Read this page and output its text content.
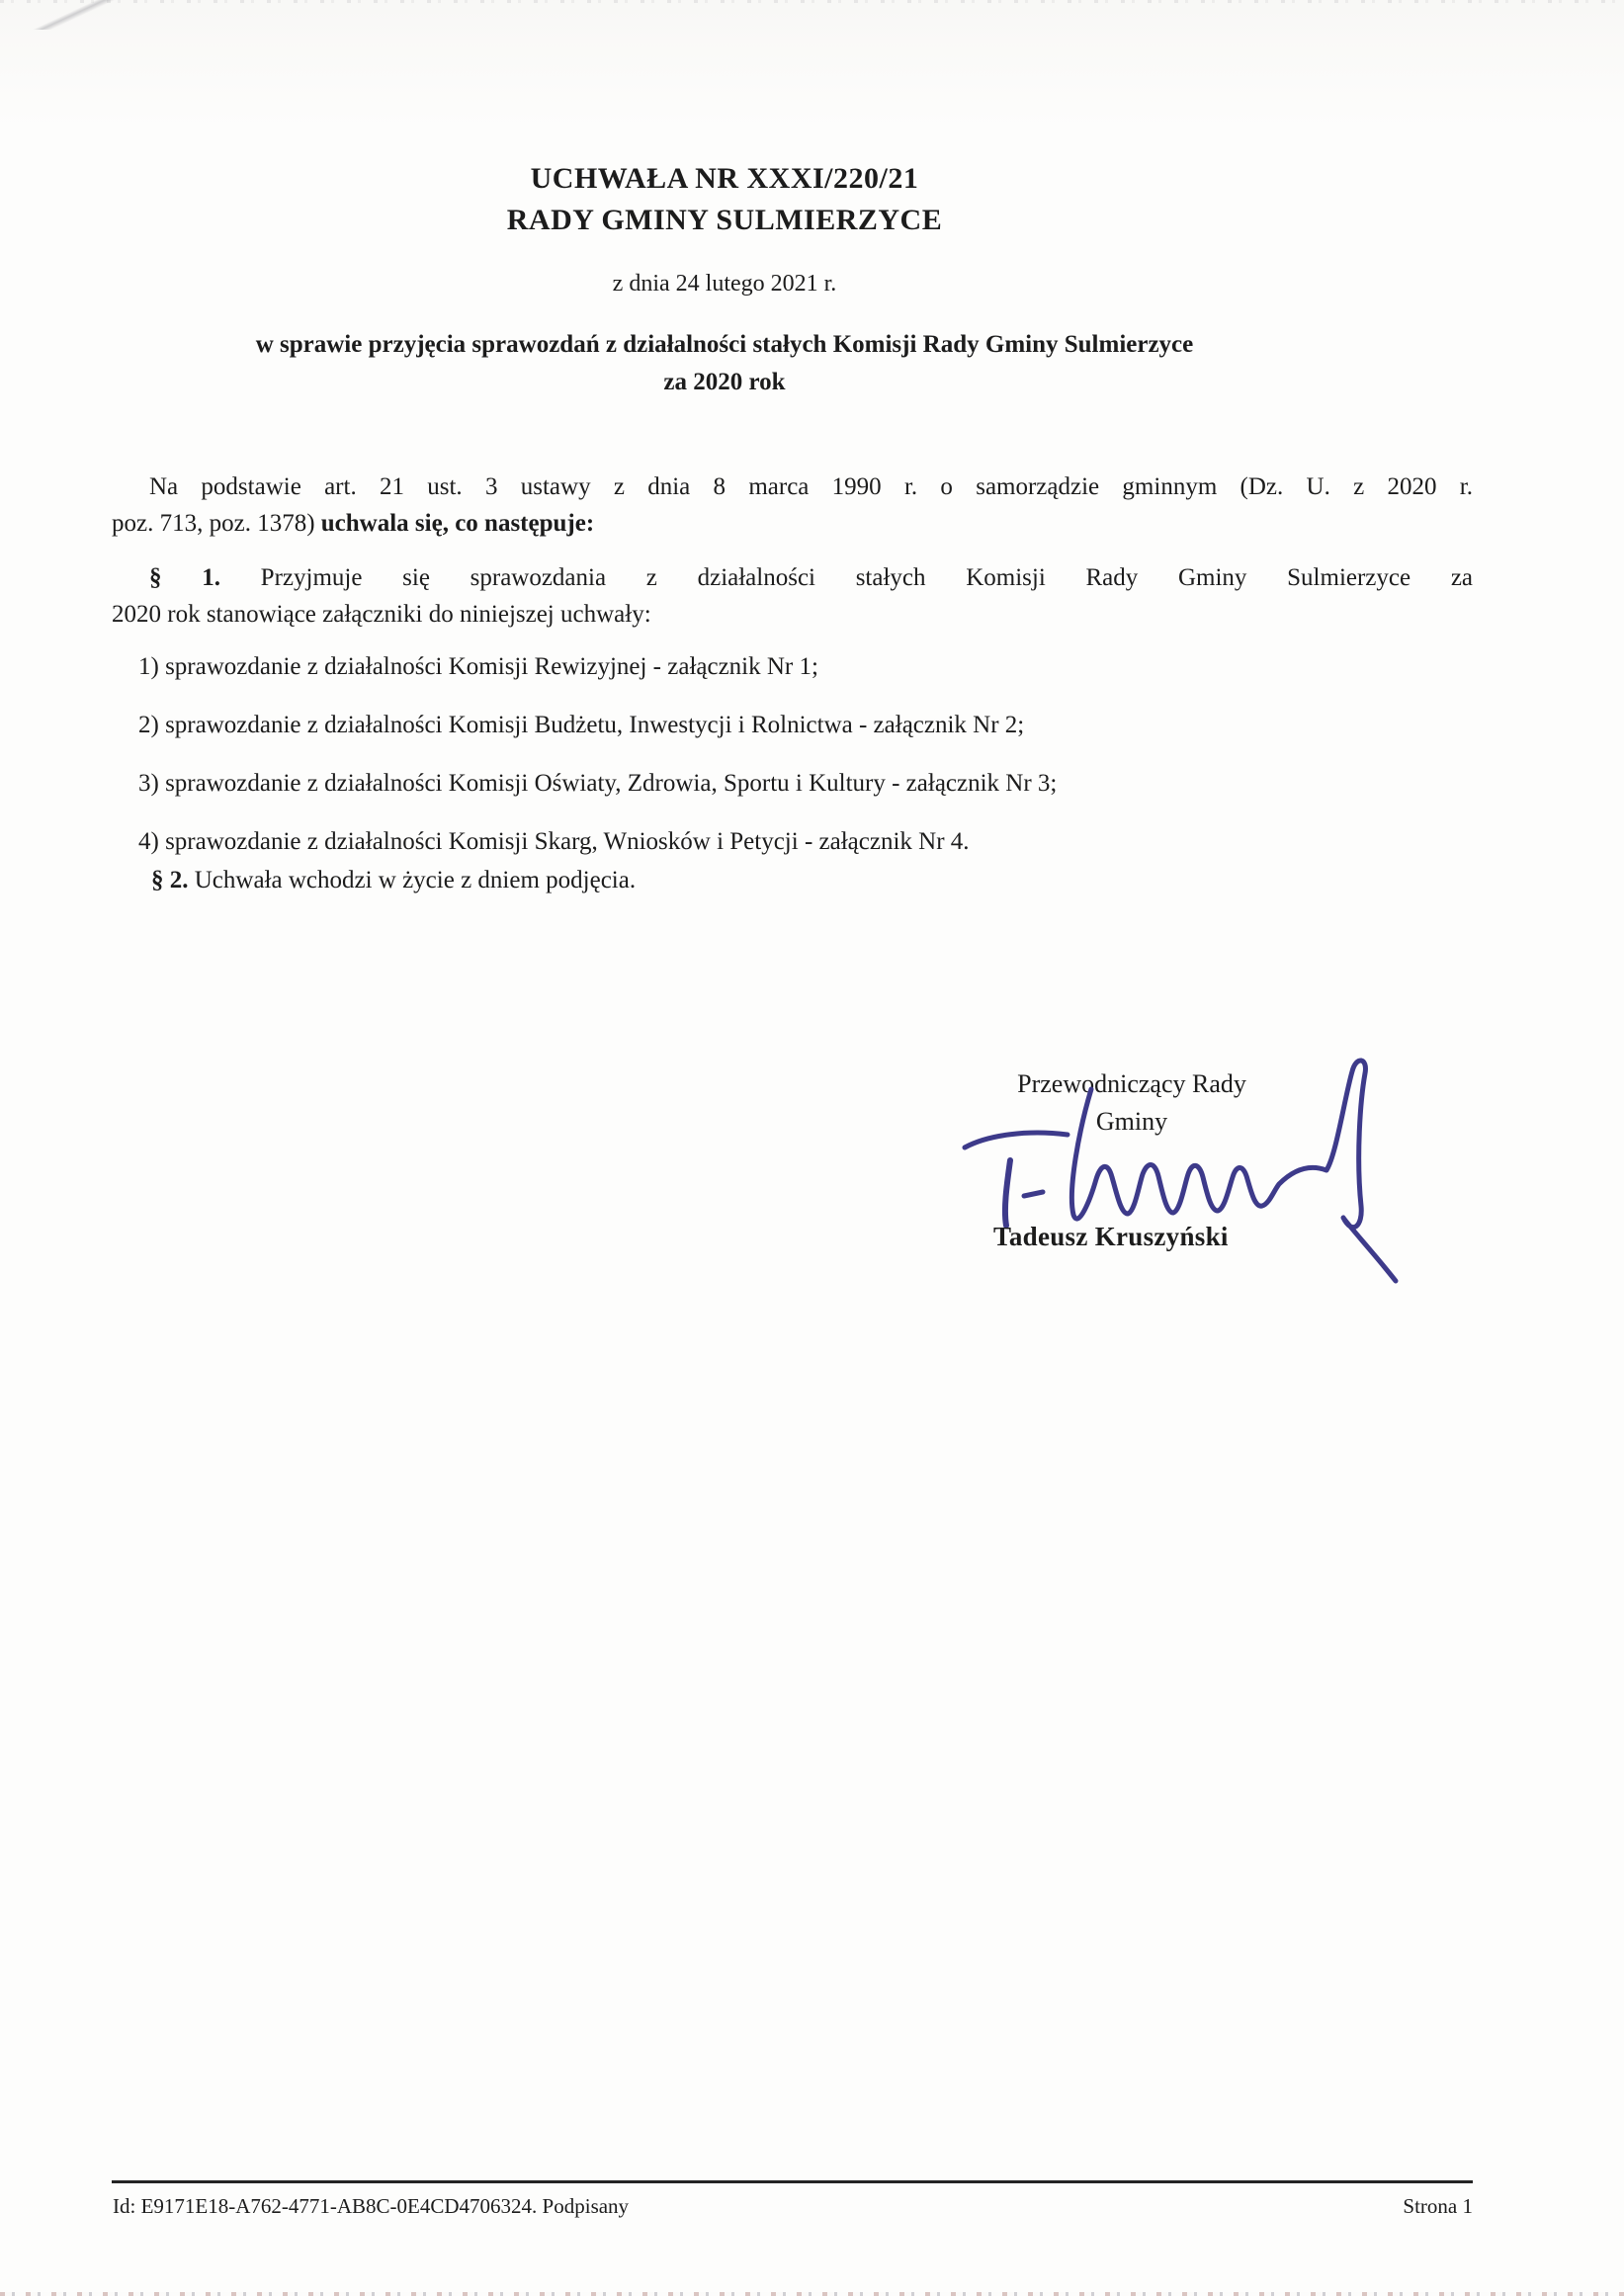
UCHWAŁA NR XXXI/220/21
RADY GMINY SULMIERZYCE
z dnia 24 lutego 2021 r.
w sprawie przyjęcia sprawozdań z działalności stałych Komisji Rady Gminy Sulmierzyce
za 2020 rok
Na podstawie art. 21 ust. 3 ustawy z dnia 8 marca 1990 r. o samorządzie gminnym (Dz. U. z 2020 r.
poz. 713, poz. 1378) uchwala się, co następuje:
§ 1. Przyjmuje się sprawozdania z działalności stałych Komisji Rady Gminy Sulmierzyce za
2020 rok stanowiące załączniki do niniejszej uchwały:
1) sprawozdanie z działalności Komisji Rewizyjnej - załącznik Nr 1;
2) sprawozdanie z działalności Komisji Budżetu, Inwestycji i Rolnictwa - załącznik Nr 2;
3) sprawozdanie z działalności Komisji Oświaty, Zdrowia, Sportu i Kultury - załącznik Nr 3;
4) sprawozdanie z działalności Komisji Skarg, Wniosków i Petycji - załącznik Nr 4.
§ 2. Uchwała wchodzi w życie z dniem podjęcia.
Przewodniczący Rady
Gminy
Tadeusz Kruszyński
Id: E9171E18-A762-4771-AB8C-0E4CD4706324. Podpisany	Strona 1
